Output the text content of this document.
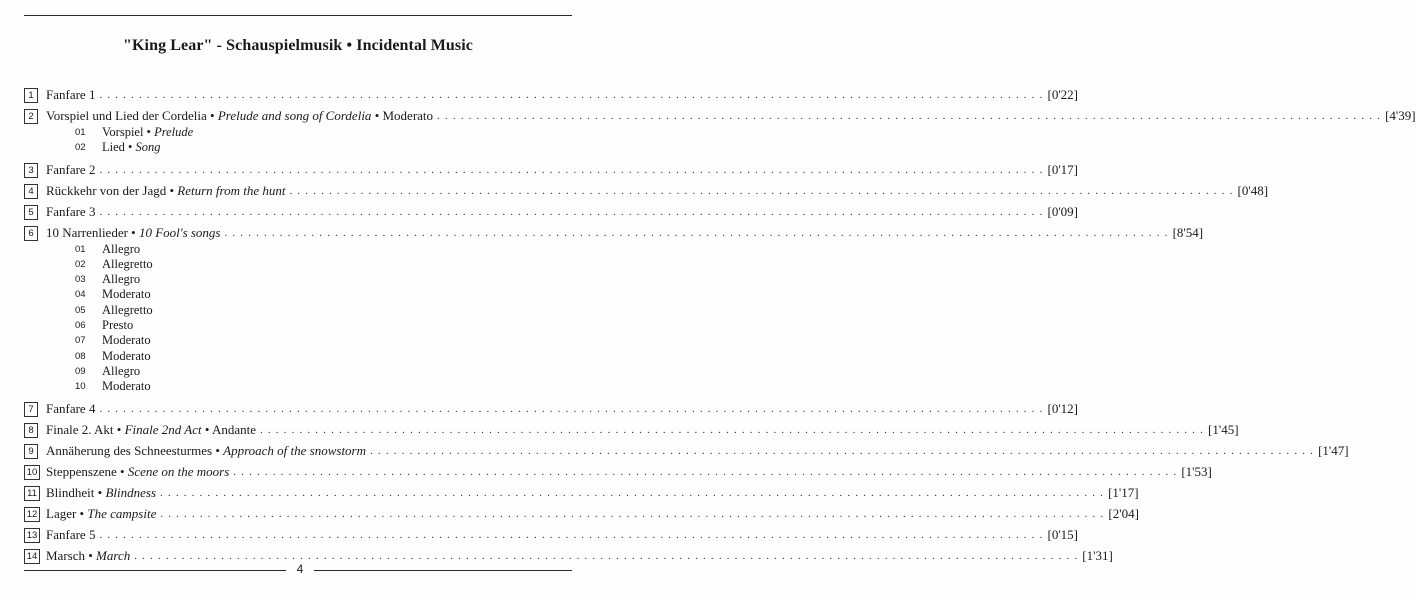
"King Lear" - Schauspielmusik • Incidental Music
1 Fanfare 1 . . . . . . . . . . . . . . . . . . . . . . . . . . . . . . . . . . . . . . . . . . . . . . . . . . . . . . . . . . . . . . . . . . . . . . . . . . . . . . . . . . . . . . . . . . . . . . . . . . . . . . . . . . . . . . . . . . . . . . . . [0'22]
2 Vorspiel und Lied der Cordelia • Prelude and song of Cordelia • Moderato . . . . . . . . . . . . . . . . . . . . . . . . . . . . . . . . . . . . . . . . . . . . . . . . . . . . . . . . . . . . . . . . . . . . . . . . . . . . . . . . . . . . . . . . . . . . . . . . . . . . . . . . . . . . . . . . . . . . . . . . [4'39]
01	Vorspiel • Prelude
02	Lied • Song
3 Fanfare 2 . . . . . . . . . . . . . . . . . . . . . . . . . . . . . . . . . . . . . . . . . . . . . . . . . . . . . . . . . . . . . . . . . . . . . . . . . . . . . . . . . . . . . . . . . . . . . . . . . . . . . . . . . . . . . . . . . . . . . . . . [0'17]
4 Rückkehr von der Jagd • Return from the hunt . . . . . . . . . . . . . . . . . . . . . . . . . . . . . . . . . . . . . . . . . . . . . . . . . . . . . . . . . . . . . . . . . . . . . . . . . . . . . . . . . . . . . . . . . . . . . . . . . . . . . . . . . . . . . . . . . . . . . . . . [0'48]
5 Fanfare 3 . . . . . . . . . . . . . . . . . . . . . . . . . . . . . . . . . . . . . . . . . . . . . . . . . . . . . . . . . . . . . . . . . . . . . . . . . . . . . . . . . . . . . . . . . . . . . . . . . . . . . . . . . . . . . . . . . . . . . . . . [0'09]
6 10 Narrenlieder • 10 Fool's songs . . . . . . . . . . . . . . . . . . . . . . . . . . . . . . . . . . . . . . . . . . . . . . . . . . . . . . . . . . . . . . . . . . . . . . . . . . . . . . . . . . . . . . . . . . . . . . . . . . . . . . . . . . . . . . . . . . . . . . . . [8'54]
01	Allegro
02	Allegretto
03	Allegro
04	Moderato
05	Allegretto
06	Presto
07	Moderato
08	Moderato
09	Allegro
10	Moderato
7 Fanfare 4 . . . . . . . . . . . . . . . . . . . . . . . . . . . . . . . . . . . . . . . . . . . . . . . . . . . . . . . . . . . . . . . . . . . . . . . . . . . . . . . . . . . . . . . . . . . . . . . . . . . . . . . . . . . . . . . . . . . . . . . . [0'12]
8 Finale 2. Akt • Finale 2nd Act • Andante . . . . . . . . . . . . . . . . . . . . . . . . . . . . . . . . . . . . . . . . . . . . . . . . . . . . . . . . . . . . . . . . . . . . . . . . . . . . . . . . . . . . . . . . . . . . . . . . . . . . . . . . . . . . . . . . . . . . . . . . [1'45]
9 Annäherung des Schneesturmes • Approach of the snowstorm . . . . . . . . . . . . . . . . . . . . . . . . . . . . . . . . . . . . . . . . . . . . . . . . . . . . . . . . . . . . . . . . . . . . . . . . . . . . . . . . . . . . . . . . . . . . . . . . . . . . . . . . . . . . . . . . . . . . . . . . [1'47]
10 Steppenszene • Scene on the moors . . . . . . . . . . . . . . . . . . . . . . . . . . . . . . . . . . . . . . . . . . . . . . . . . . . . . . . . . . . . . . . . . . . . . . . . . . . . . . . . . . . . . . . . . . . . . . . . . . . . . . . . . . . . . . . . . . . . . . . . [1'53]
11 Blindheit • Blindness . . . . . . . . . . . . . . . . . . . . . . . . . . . . . . . . . . . . . . . . . . . . . . . . . . . . . . . . . . . . . . . . . . . . . . . . . . . . . . . . . . . . . . . . . . . . . . . . . . . . . . . . . . . . . . . . . . . . . . . . [1'17]
12 Lager • The campsite . . . . . . . . . . . . . . . . . . . . . . . . . . . . . . . . . . . . . . . . . . . . . . . . . . . . . . . . . . . . . . . . . . . . . . . . . . . . . . . . . . . . . . . . . . . . . . . . . . . . . . . . . . . . . . . . . . . . . . . . [2'04]
13 Fanfare 5 . . . . . . . . . . . . . . . . . . . . . . . . . . . . . . . . . . . . . . . . . . . . . . . . . . . . . . . . . . . . . . . . . . . . . . . . . . . . . . . . . . . . . . . . . . . . . . . . . . . . . . . . . . . . . . . . . . . . . . . . [0'15]
14 Marsch • March . . . . . . . . . . . . . . . . . . . . . . . . . . . . . . . . . . . . . . . . . . . . . . . . . . . . . . . . . . . . . . . . . . . . . . . . . . . . . . . . . . . . . . . . . . . . . . . . . . . . . . . . . . . . . . . . . . . . . . . . [1'31]
4
